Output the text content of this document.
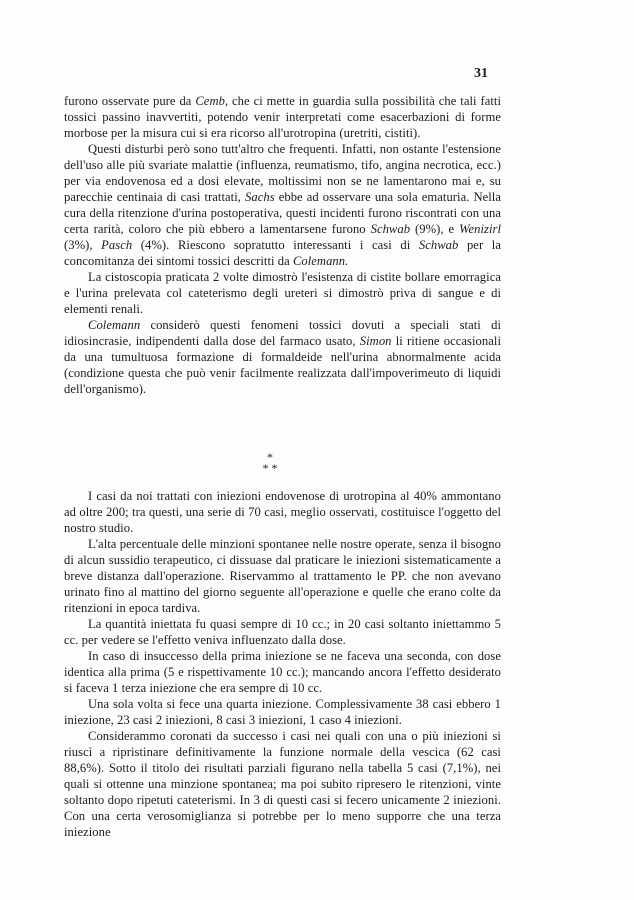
31

furono osservate pure da Cemb, che ci mette in guardia sulla possibilità che tali fatti tossici passino inavvertiti, potendo venir interpretati come esacerbazioni di forme morbose per la misura cui si era ricorso all'urotropina (uretriti, cistiti).

Questi disturbi però sono tutt'altro che frequenti. Infatti, non ostante l'estensione dell'uso alle più svariate malattie (influenza, reumatismo, tifo, angina necrotica, ecc.) per via endovenosa ed a dosi elevate, moltissimi non se ne lamentarono mai e, su parecchie centinaia di casi trattati, Sachs ebbe ad osservare una sola ematuria. Nella cura della ritenzione d'urina postoperativa, questi incidenti furono riscontrati con una certa rarità, coloro che più ebbero a lamentarsene furono Schwab (9%), e Wenizirl (3%), Pasch (4%). Riescono sopratutto interessanti i casi di Schwab per la concomitanza dei sintomi tossici descritti da Colemann.

La cistoscopia praticata 2 volte dimostrò l'esistenza di cistite bollare emorragica e l'urina prelevata col cateterismo degli ureteri si dimostrò priva di sangue e di elementi renali.

Colemann considerò questi fenomeni tossici dovuti a speciali stati di idiosincrasie, indipendenti dalla dose del farmaco usato, Simon li ritiene occasionali da una tumultuosa formazione di formaldeide nell'urina abnormalmente acida (condizione questa che può venir facilmente realizzata dall'impoverimeuto di liquidi dell'organismo).

*
* *

I casi da noi trattati con iniezioni endovenose di urotropina al 40% ammontano ad oltre 200; tra questi, una serie di 70 casi, meglio osservati, costituisce l'oggetto del nostro studio.

L'alta percentuale delle minzioni spontanee nelle nostre operate, senza il bisogno di alcun sussidio terapeutico, ci dissuase dal praticare le iniezioni sistematicamente a breve distanza dall'operazione. Riservammo al trattamento le PP. che non avevano urinato fino al mattino del giorno seguente all'operazione e quelle che erano colte da ritenzioni in epoca tardiva.

La quantità iniettata fu quasi sempre di 10 cc.; in 20 casi soltanto iniettammo 5 cc. per vedere se l'effetto veniva influenzato dalla dose.

In caso di insuccesso della prima iniezione se ne faceva una seconda, con dose identica alla prima (5 e rispettivamente 10 cc.); mancando ancora l'effetto desiderato si faceva 1 terza iniezione che era sempre di 10 cc.

Una sola volta si fece una quarta iniezione. Complessivamente 38 casi ebbero 1 iniezione, 23 casi 2 iniezioni, 8 casi 3 iniezioni, 1 caso 4 iniezioni.

Considerammo coronati da successo i casi nei quali con una o più iniezioni si riuscì a ripristinare definitivamente la funzione normale della vescica (62 casi 88,6%). Sotto il titolo dei risultati parziali figurano nella tabella 5 casi (7,1%), nei quali si ottenne una minzione spontanea; ma poi subito ripresero le ritenzioni, vinte soltanto dopo ripetuti cateterismi. In 3 di questi casi si fecero unicamente 2 iniezioni. Con una certa verosomiglianza si potrebbe per lo meno supporre che una terza iniezione
